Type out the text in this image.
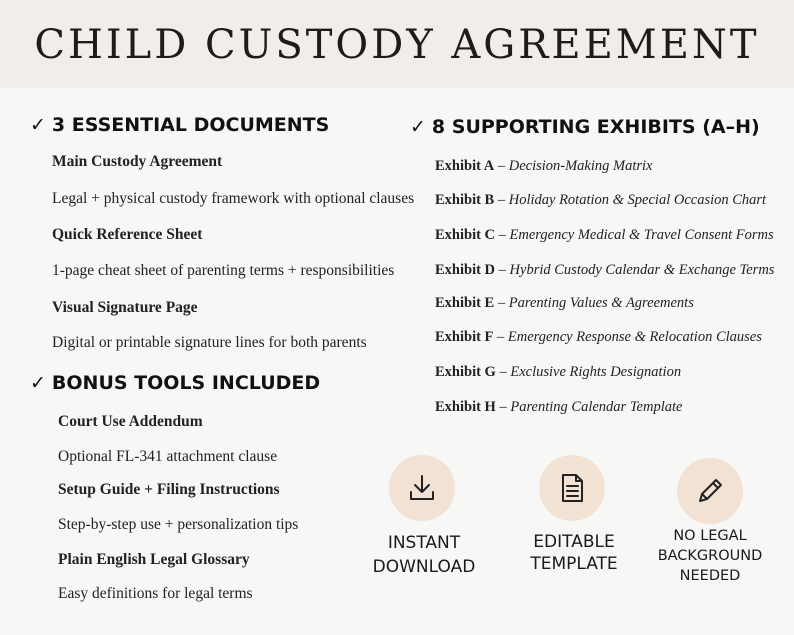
CHILD CUSTODY AGREEMENT
✓ 3 ESSENTIAL DOCUMENTS
Main Custody Agreement
Legal + physical custody framework with optional clauses
Quick Reference Sheet
1-page cheat sheet of parenting terms + responsibilities
Visual Signature Page
Digital or printable signature lines for both parents
✓ BONUS TOOLS INCLUDED
Court Use Addendum
Optional FL-341 attachment clause
Setup Guide + Filing Instructions
Step-by-step use + personalization tips
Plain English Legal Glossary
Easy definitions for legal terms
✓ 8 SUPPORTING EXHIBITS (A–H)
Exhibit A – Decision-Making Matrix
Exhibit B – Holiday Rotation & Special Occasion Chart
Exhibit C – Emergency Medical & Travel Consent Forms
Exhibit D – Hybrid Custody Calendar & Exchange Terms
Exhibit E – Parenting Values & Agreements
Exhibit F – Emergency Response & Relocation Clauses
Exhibit G – Exclusive Rights Designation
Exhibit H – Parenting Calendar Template
INSTANT
DOWNLOAD
EDITABLE
TEMPLATE
NO LEGAL
BACKGROUND
NEEDED
